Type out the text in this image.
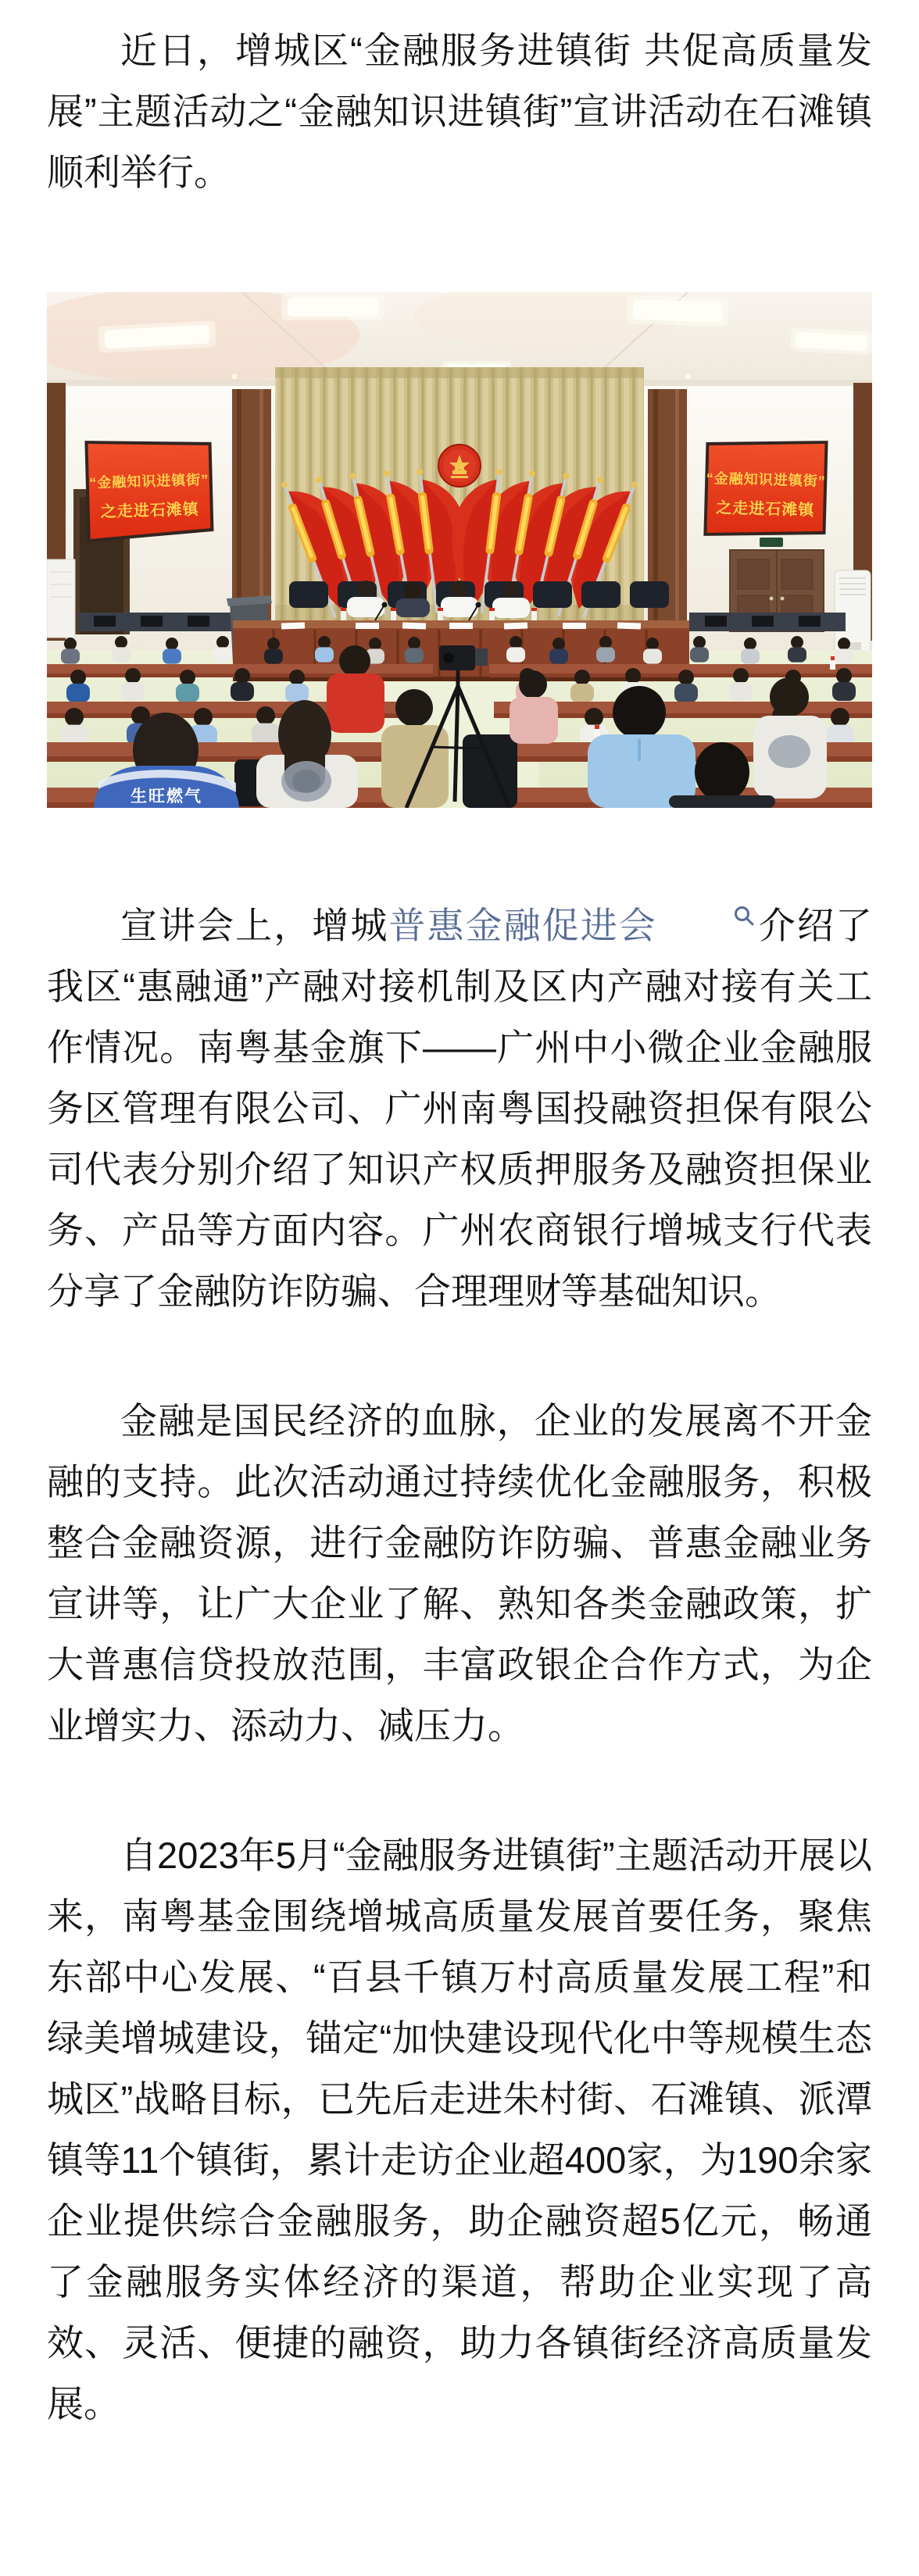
近日，增城区“金融服务进镇街 共促高质量发展”主题活动之“金融知识进镇街”宣讲活动在石滩镇顺利举行。

“金融知识进镇街”
之走进石滩镇
“金融知识进镇街”
之走进石滩镇
生旺燃气

宣讲会上，增城普惠金融促进会	介绍了我区“惠融通”产融对接机制及区内产融对接有关工作情况。南粤基金旗下——广州中小微企业金融服务区管理有限公司、广州南粤国投融资担保有限公司代表分别介绍了知识产权质押服务及融资担保业务、产品等方面内容。广州农商银行增城支行代表分享了金融防诈防骗、合理理财等基础知识。

金融是国民经济的血脉，企业的发展离不开金融的支持。此次活动通过持续优化金融服务，积极整合金融资源，进行金融防诈防骗、普惠金融业务宣讲等，让广大企业了解、熟知各类金融政策，扩大普惠信贷投放范围，丰富政银企合作方式，为企业增实力、添动力、减压力。

自2023年5月“金融服务进镇街”主题活动开展以来，南粤基金围绕增城高质量发展首要任务，聚焦东部中心发展、“百县千镇万村高质量发展工程”和绿美增城建设，锚定“加快建设现代化中等规模生态城区”战略目标，已先后走进朱村街、石滩镇、派潭镇等11个镇街，累计走访企业超400家，为190余家企业提供综合金融服务，助企融资超5亿元，畅通了金融服务实体经济的渠道，帮助企业实现了高效、灵活、便捷的融资，助力各镇街经济高质量发展。
